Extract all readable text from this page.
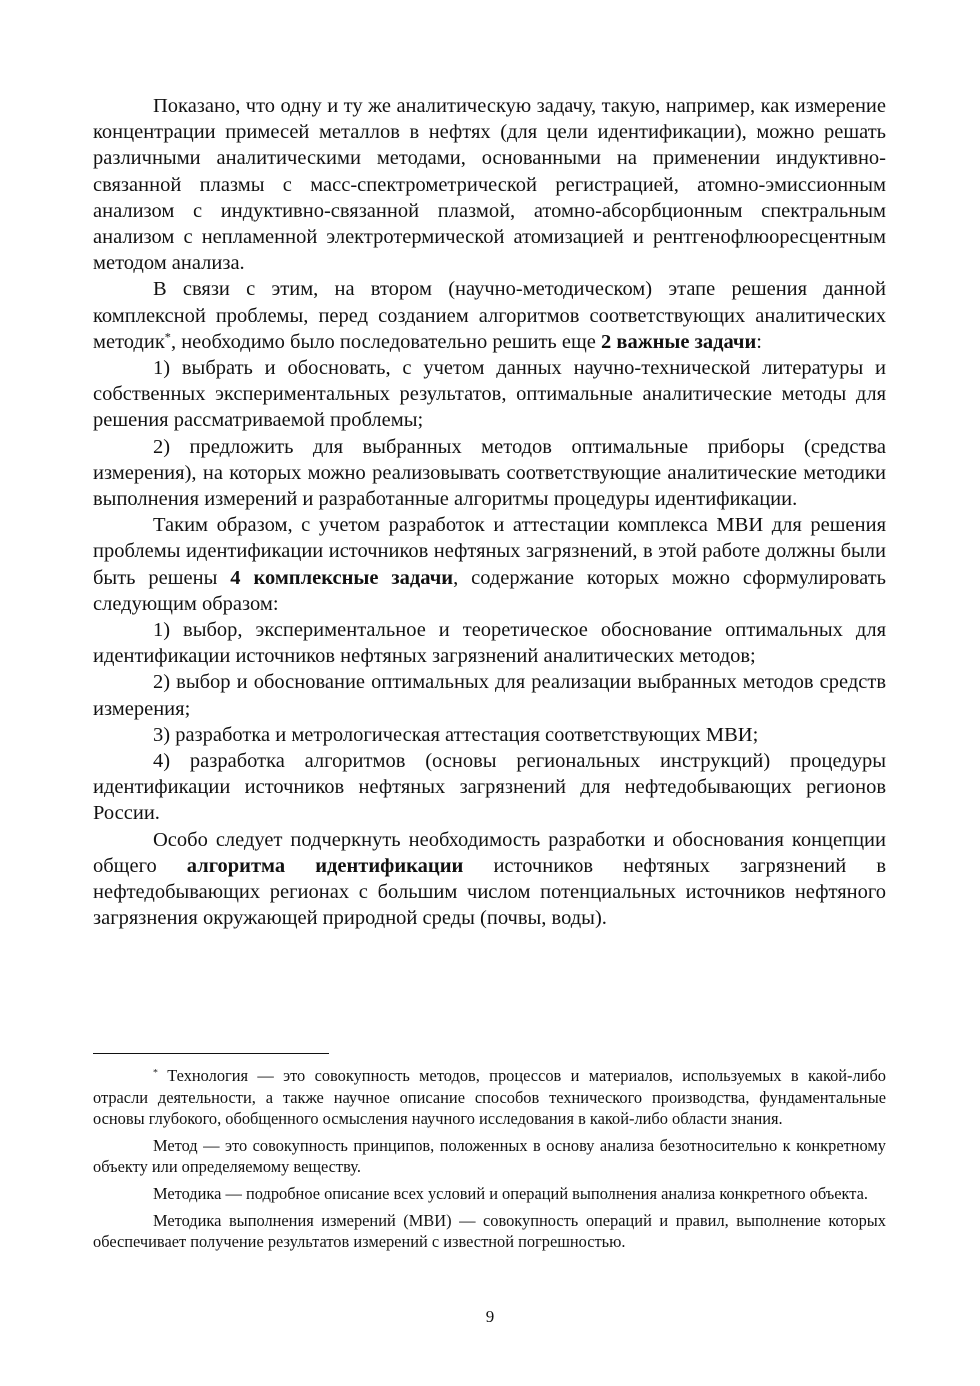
Показано, что одну и ту же аналитическую задачу, такую, например, как измерение концентрации примесей металлов в нефтях (для цели идентификации), можно решать различными аналитическими методами, основанными на применении индуктивно-связанной плазмы с масс-спектрометрической регистрацией, атомно-эмиссионным анализом с индуктивно-связанной плазмой, атомно-абсорбционным спектральным анализом с непламенной электротермической атомизацией и рентгенофлюоресцентным методом анализа.

В связи с этим, на втором (научно-методическом) этапе решения данной комплексной проблемы, перед созданием алгоритмов соответствующих аналитических методик*, необходимо было последовательно решить еще 2 важные задачи:

1) выбрать и обосновать, с учетом данных научно-технической литературы и собственных экспериментальных результатов, оптимальные аналитические методы для решения рассматриваемой проблемы;

2) предложить для выбранных методов оптимальные приборы (средства измерения), на которых можно реализовывать соответствующие аналитические методики выполнения измерений и разработанные алгоритмы процедуры идентификации.

Таким образом, с учетом разработок и аттестации комплекса МВИ для решения проблемы идентификации источников нефтяных загрязнений, в этой работе должны были быть решены 4 комплексные задачи, содержание которых можно сформулировать следующим образом:

1) выбор, экспериментальное и теоретическое обоснование оптимальных для идентификации источников нефтяных загрязнений аналитических методов;

2) выбор и обоснование оптимальных для реализации выбранных методов средств измерения;

3) разработка и метрологическая аттестация соответствующих МВИ;

4) разработка алгоритмов (основы региональных инструкций) процедуры идентификации источников нефтяных загрязнений для нефтедобывающих регионов России.

Особо следует подчеркнуть необходимость разработки и обоснования концепции общего алгоритма идентификации источников нефтяных загрязнений в нефтедобывающих регионах с большим числом потенциальных источников нефтяного загрязнения окружающей природной среды (почвы, воды).

* Технология — это совокупность методов, процессов и материалов, используемых в какой-либо отрасли деятельности, а также научное описание способов технического производства, фундаментальные основы глубокого, обобщенного осмысления научного исследования в какой-либо области знания.

Метод — это совокупность принципов, положенных в основу анализа безотносительно к конкретному объекту или определяемому веществу.

Методика — подробное описание всех условий и операций выполнения анализа конкретного объекта.

Методика выполнения измерений (МВИ) — совокупность операций и правил, выполнение которых обеспечивает получение результатов измерений с известной погрешностью.

9
